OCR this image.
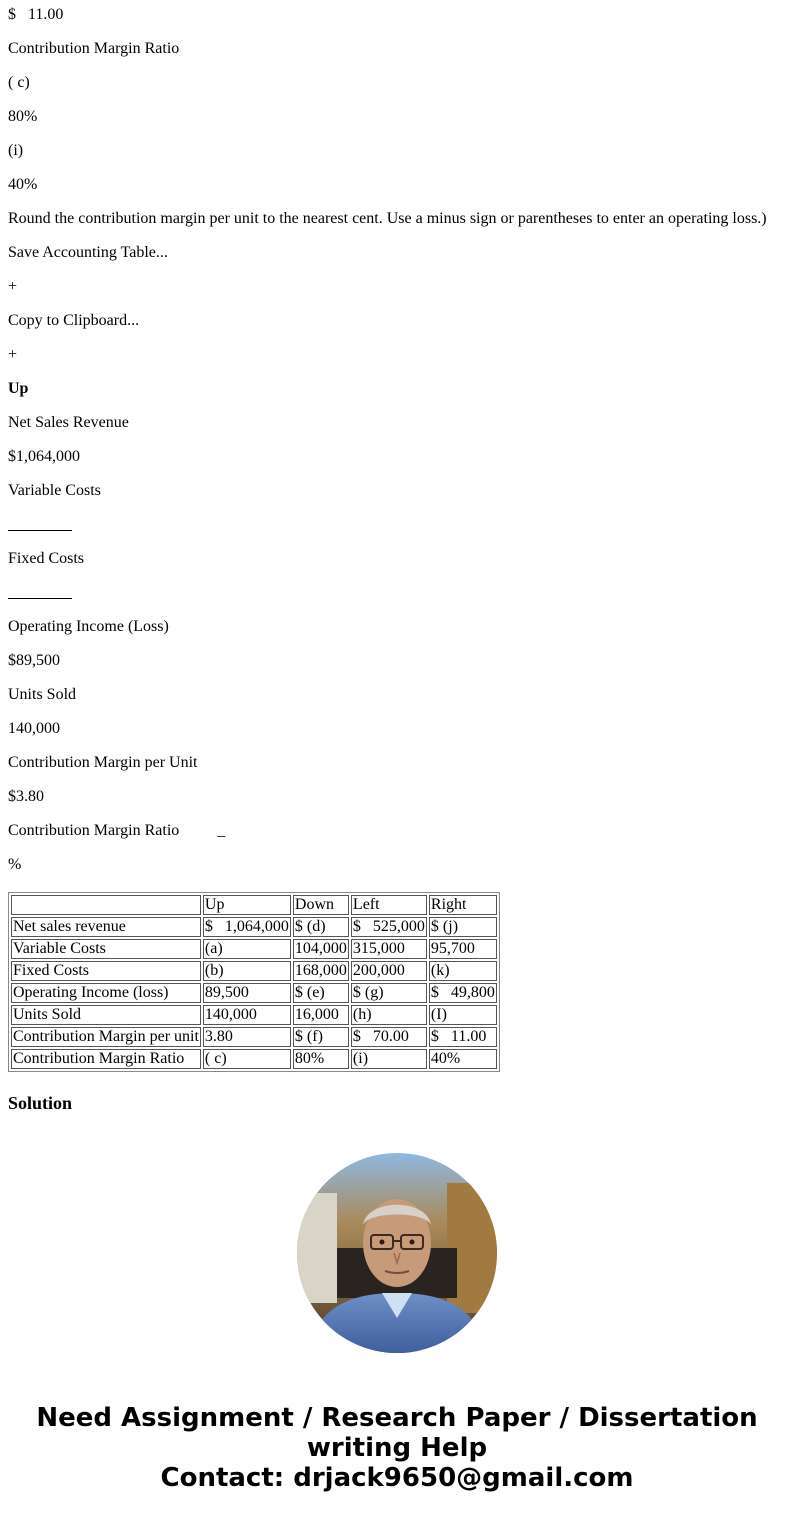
$   11.00

Contribution Margin Ratio

( c)

80%

(i)

40%

Round the contribution margin per unit to the nearest cent. Use a minus sign or parentheses to enter an operating loss.)

Save Accounting Table...

+

Copy to Clipboard...

+

Up

Net Sales Revenue

$1,064,000

Variable Costs

Fixed Costs

Operating Income (Loss)

$89,500

Units Sold

140,000

Contribution Margin per Unit

$3.80

Contribution Margin Ratio _

%

	Up	Down	Left	Right
Net sales revenue	$   1,064,000	$ (d)	$   525,000	$ (j)
Variable Costs	(a)	104,000	315,000	95,700
Fixed Costs	(b)	168,000	200,000	(k)
Operating Income (loss)	89,500	$ (e)	$ (g)	$   49,800
Units Sold	140,000	16,000	(h)	(I)
Contribution Margin per unit	3.80	$ (f)	$   70.00	$   11.00
Contribution Margin Ratio	( c)	80%	(i)	40%
Solution
Need Assignment / Research Paper / Dissertation
writing Help
Contact: drjack9650@gmail.com
